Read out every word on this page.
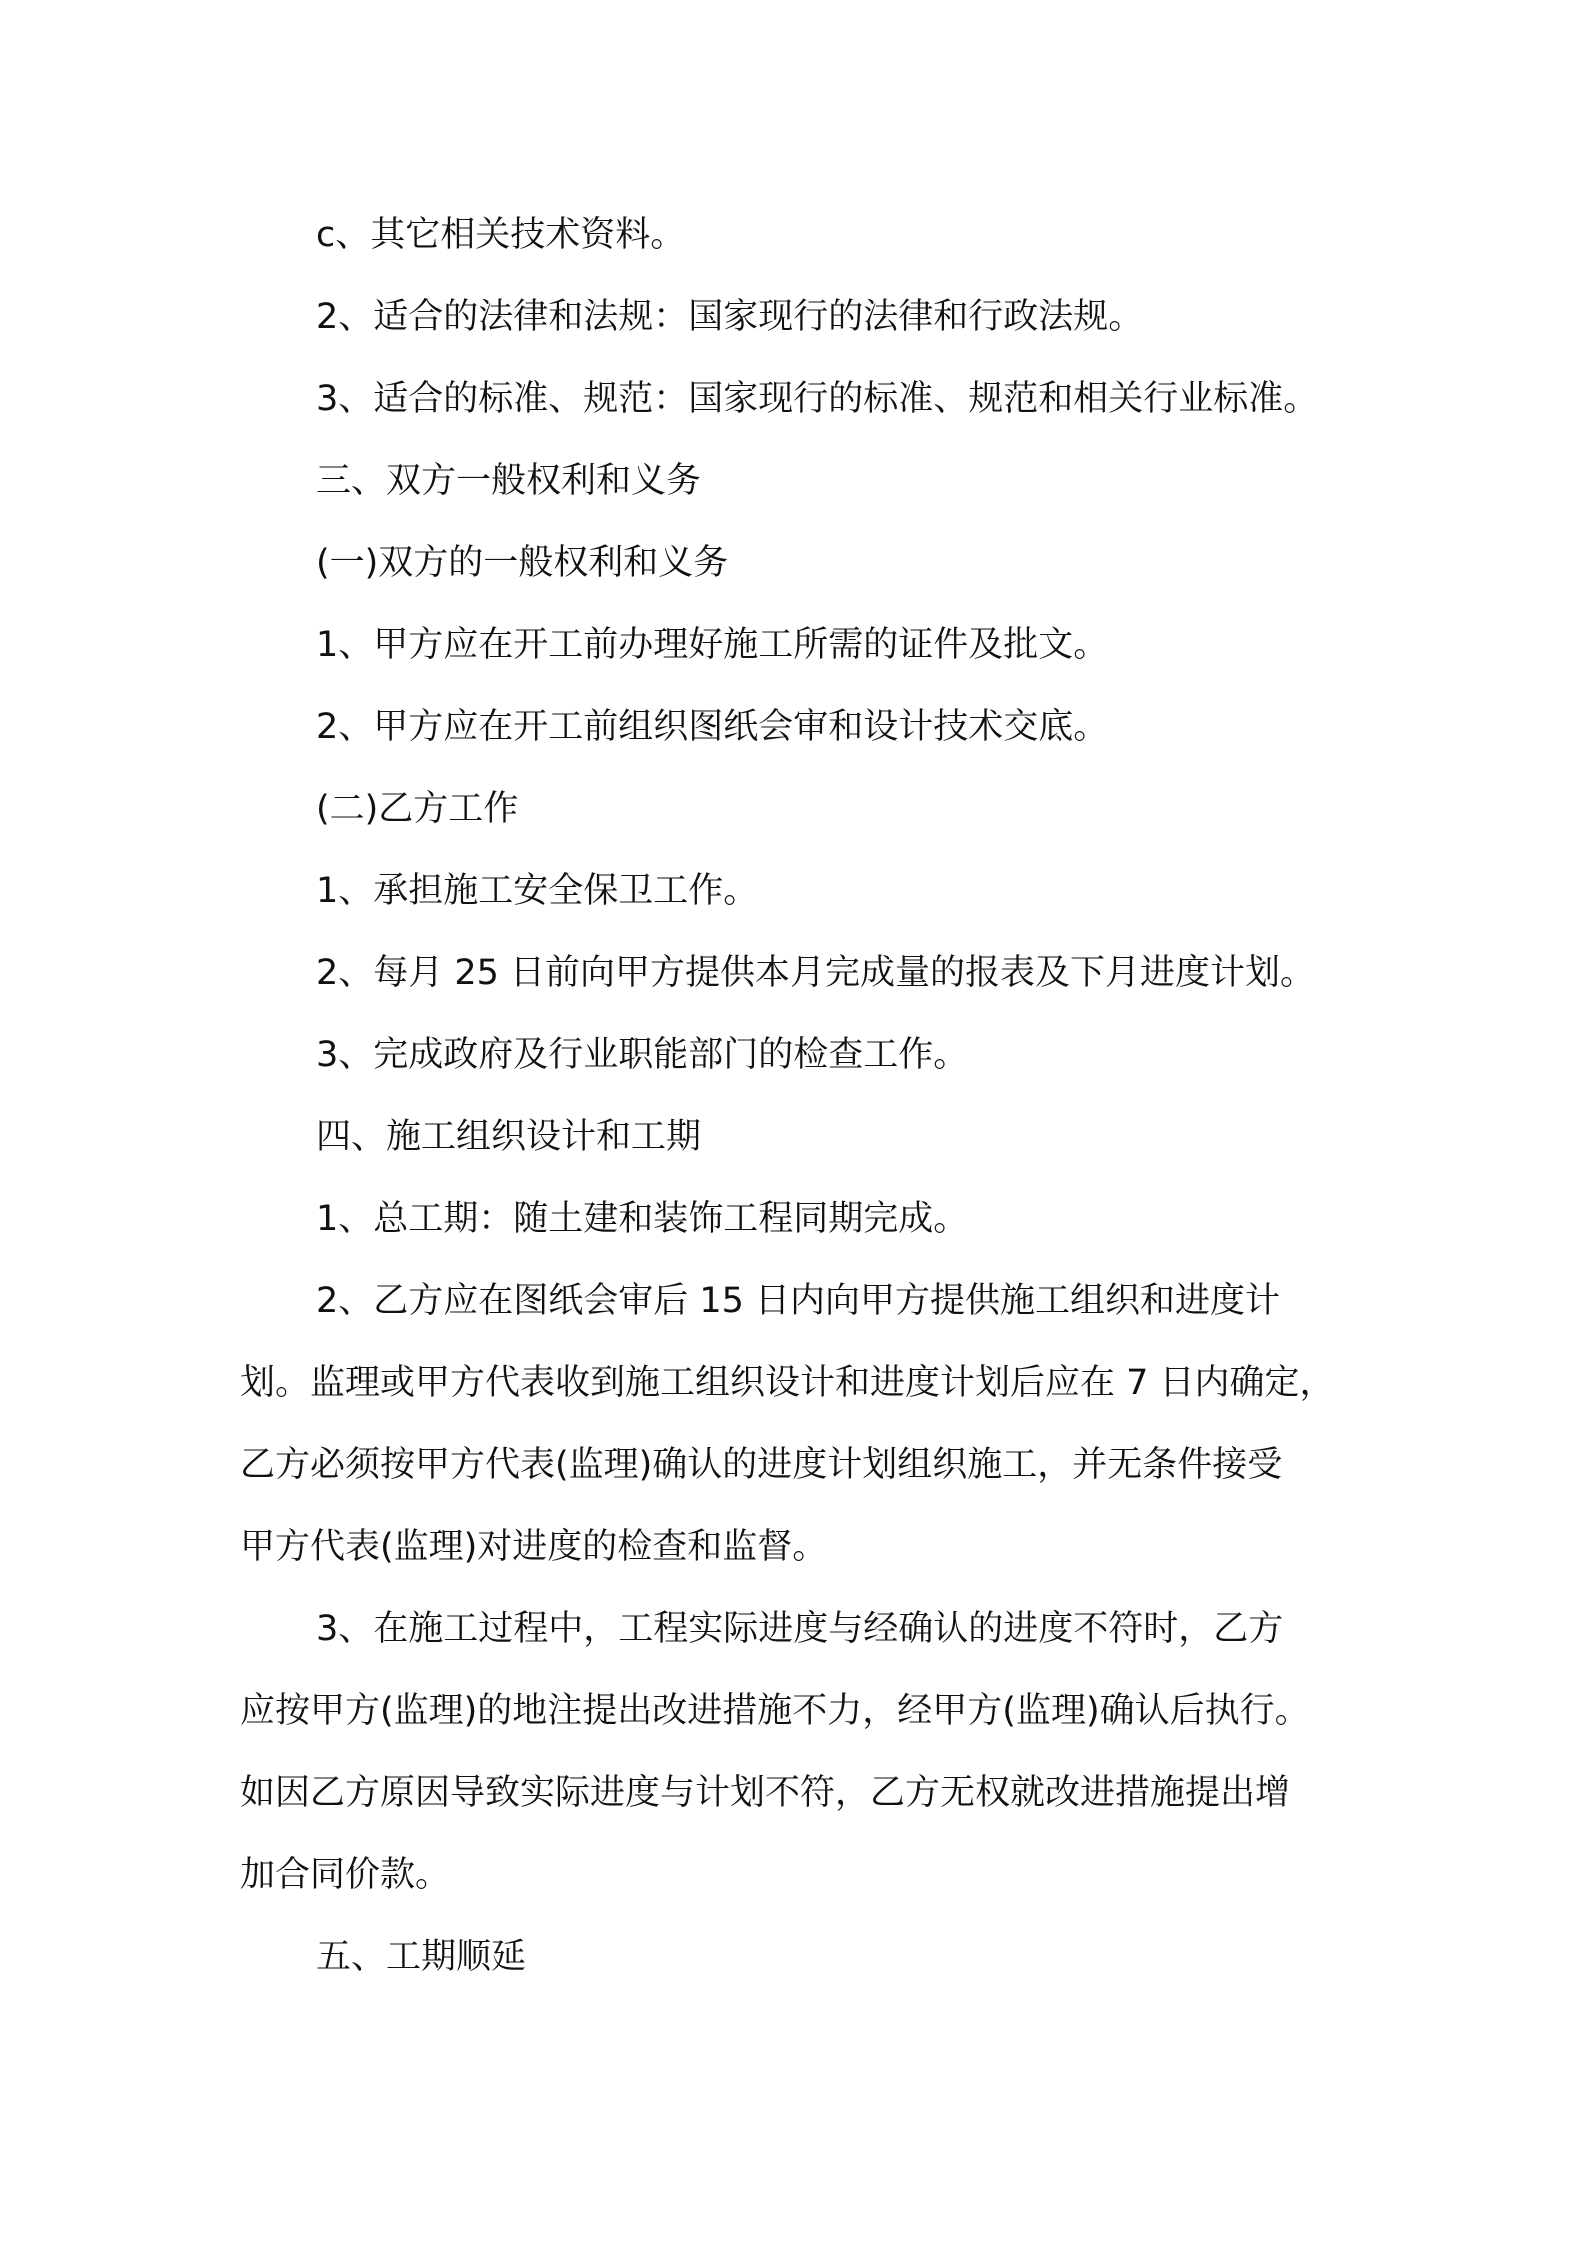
c、其它相关技术资料。

2、适合的法律和法规：国家现行的法律和行政法规。

3、适合的标准、规范：国家现行的标准、规范和相关行业标准。

三、双方一般权利和义务

(一)双方的一般权利和义务

1、甲方应在开工前办理好施工所需的证件及批文。

2、甲方应在开工前组织图纸会审和设计技术交底。

(二)乙方工作

1、承担施工安全保卫工作。

2、每月 25 日前向甲方提供本月完成量的报表及下月进度计划。

3、完成政府及行业职能部门的检查工作。

四、施工组织设计和工期

1、总工期：随土建和装饰工程同期完成。

2、乙方应在图纸会审后 15 日内向甲方提供施工组织和进度计

划。监理或甲方代表收到施工组织设计和进度计划后应在 7 日内确定，

乙方必须按甲方代表(监理)确认的进度计划组织施工，并无条件接受

甲方代表(监理)对进度的检查和监督。

3、在施工过程中，工程实际进度与经确认的进度不符时，乙方

应按甲方(监理)的地注提出改进措施不力，经甲方(监理)确认后执行。

如因乙方原因导致实际进度与计划不符，乙方无权就改进措施提出增

加合同价款。

五、工期顺延
